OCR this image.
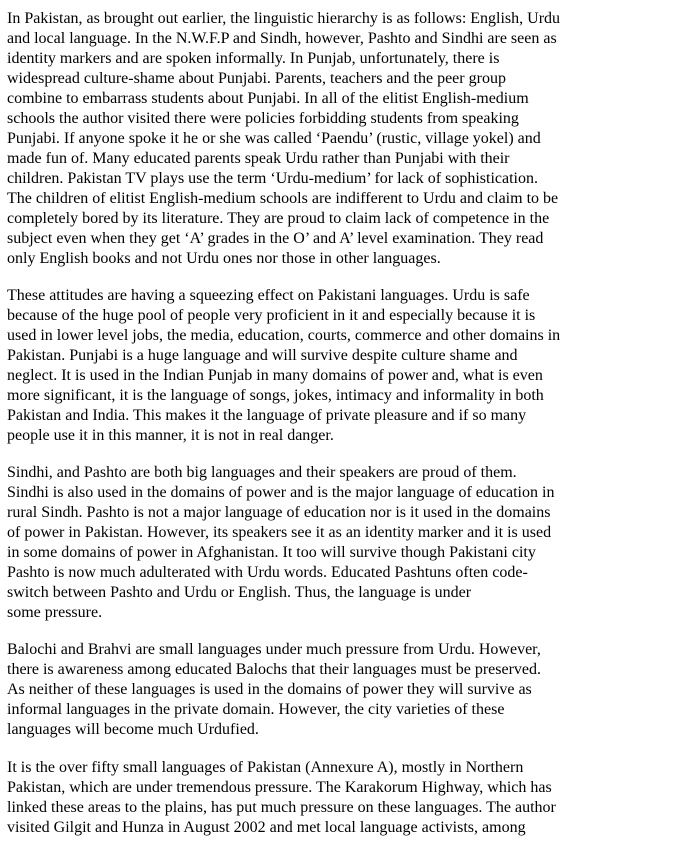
In Pakistan, as brought out earlier, the linguistic hierarchy is as follows: English, Urdu
and local language. In the N.W.F.P and Sindh, however, Pashto and Sindhi are seen as
identity markers and are spoken informally. In Punjab, unfortunately, there is
widespread culture-shame about Punjabi. Parents, teachers and the peer group
combine to embarrass students about Punjabi. In all of the elitist English-medium
schools the author visited there were policies forbidding students from speaking
Punjabi. If anyone spoke it he or she was called ‘Paendu’ (rustic, village yokel) and
made fun of. Many educated parents speak Urdu rather than Punjabi with their
children. Pakistan TV plays use the term ‘Urdu-medium’ for lack of sophistication.
The children of elitist English-medium schools are indifferent to Urdu and claim to be
completely bored by its literature. They are proud to claim lack of competence in the
subject even when they get ‘A’ grades in the O’ and A’ level examination. They read
only English books and not Urdu ones nor those in other languages.
These attitudes are having a squeezing effect on Pakistani languages. Urdu is safe
because of the huge pool of people very proficient in it and especially because it is
used in lower level jobs, the media, education, courts, commerce and other domains in
Pakistan. Punjabi is a huge language and will survive despite culture shame and
neglect. It is used in the Indian Punjab in many domains of power and, what is even
more significant, it is the language of songs, jokes, intimacy and informality in both
Pakistan and India. This makes it the language of private pleasure and if so many
people use it in this manner, it is not in real danger.
Sindhi, and Pashto are both big languages and their speakers are proud of them.
Sindhi is also used in the domains of power and is the major language of education in
rural Sindh. Pashto is not a major language of education nor is it used in the domains
of power in Pakistan. However, its speakers see it as an identity marker and it is used
in some domains of power in Afghanistan. It too will survive though Pakistani city
Pashto is now much adulterated with Urdu words. Educated Pashtuns often code-
switch between Pashto and Urdu or English. Thus, the language is under
some pressure.
Balochi and Brahvi are small languages under much pressure from Urdu. However,
there is awareness among educated Balochs that their languages must be preserved.
As neither of these languages is used in the domains of power they will survive as
informal languages in the private domain. However, the city varieties of these
languages will become much Urdufied.
It is the over fifty small languages of Pakistan (Annexure A), mostly in Northern
Pakistan, which are under tremendous pressure. The Karakorum Highway, which has
linked these areas to the plains, has put much pressure on these languages. The author
visited Gilgit and Hunza in August 2002 and met local language activists, among
